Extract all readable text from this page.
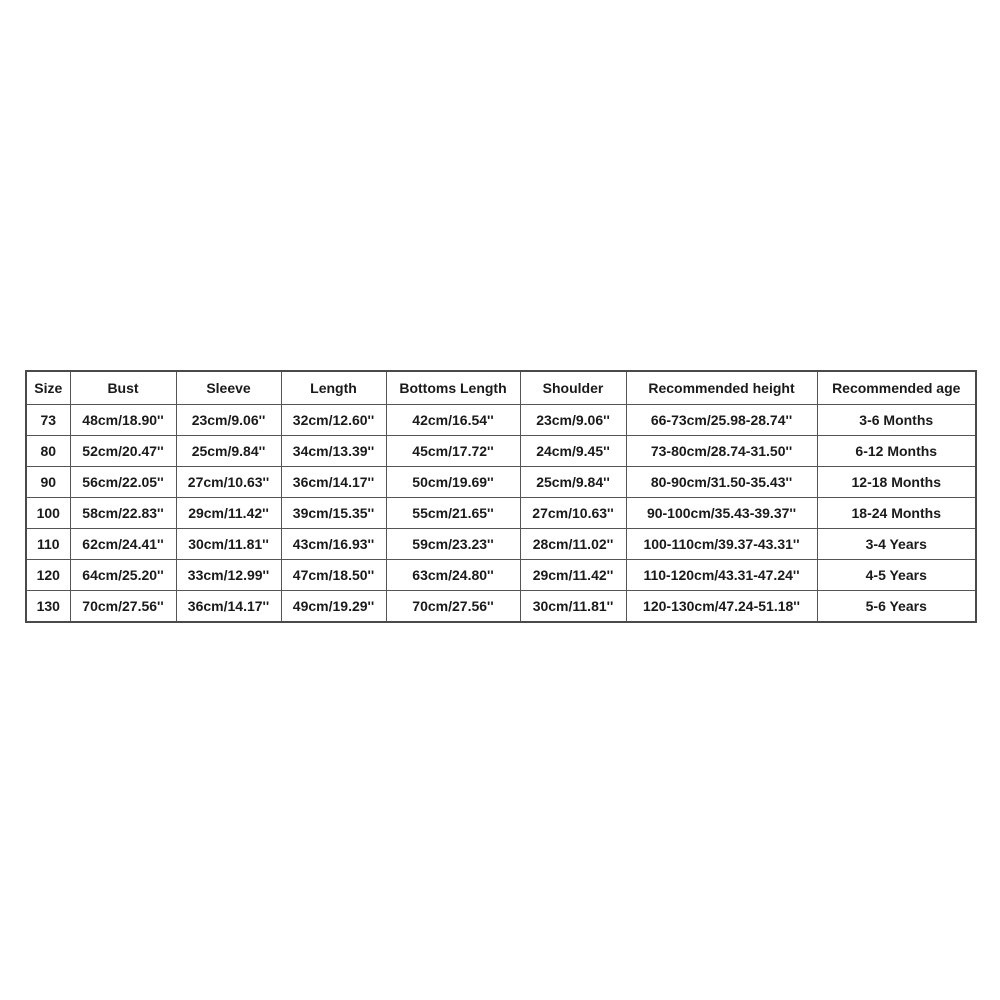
Size	Bust	Sleeve	Length	Bottoms Length	Shoulder	Recommended height	Recommended age
73	48cm/18.90''	23cm/9.06''	32cm/12.60''	42cm/16.54''	23cm/9.06''	66-73cm/25.98-28.74''	3-6 Months
80	52cm/20.47''	25cm/9.84''	34cm/13.39''	45cm/17.72''	24cm/9.45''	73-80cm/28.74-31.50''	6-12 Months
90	56cm/22.05''	27cm/10.63''	36cm/14.17''	50cm/19.69''	25cm/9.84''	80-90cm/31.50-35.43''	12-18 Months
100	58cm/22.83''	29cm/11.42''	39cm/15.35''	55cm/21.65''	27cm/10.63''	90-100cm/35.43-39.37''	18-24 Months
110	62cm/24.41''	30cm/11.81''	43cm/16.93''	59cm/23.23''	28cm/11.02''	100-110cm/39.37-43.31''	3-4 Years
120	64cm/25.20''	33cm/12.99''	47cm/18.50''	63cm/24.80''	29cm/11.42''	110-120cm/43.31-47.24''	4-5 Years
130	70cm/27.56''	36cm/14.17''	49cm/19.29''	70cm/27.56''	30cm/11.81''	120-130cm/47.24-51.18''	5-6 Years
